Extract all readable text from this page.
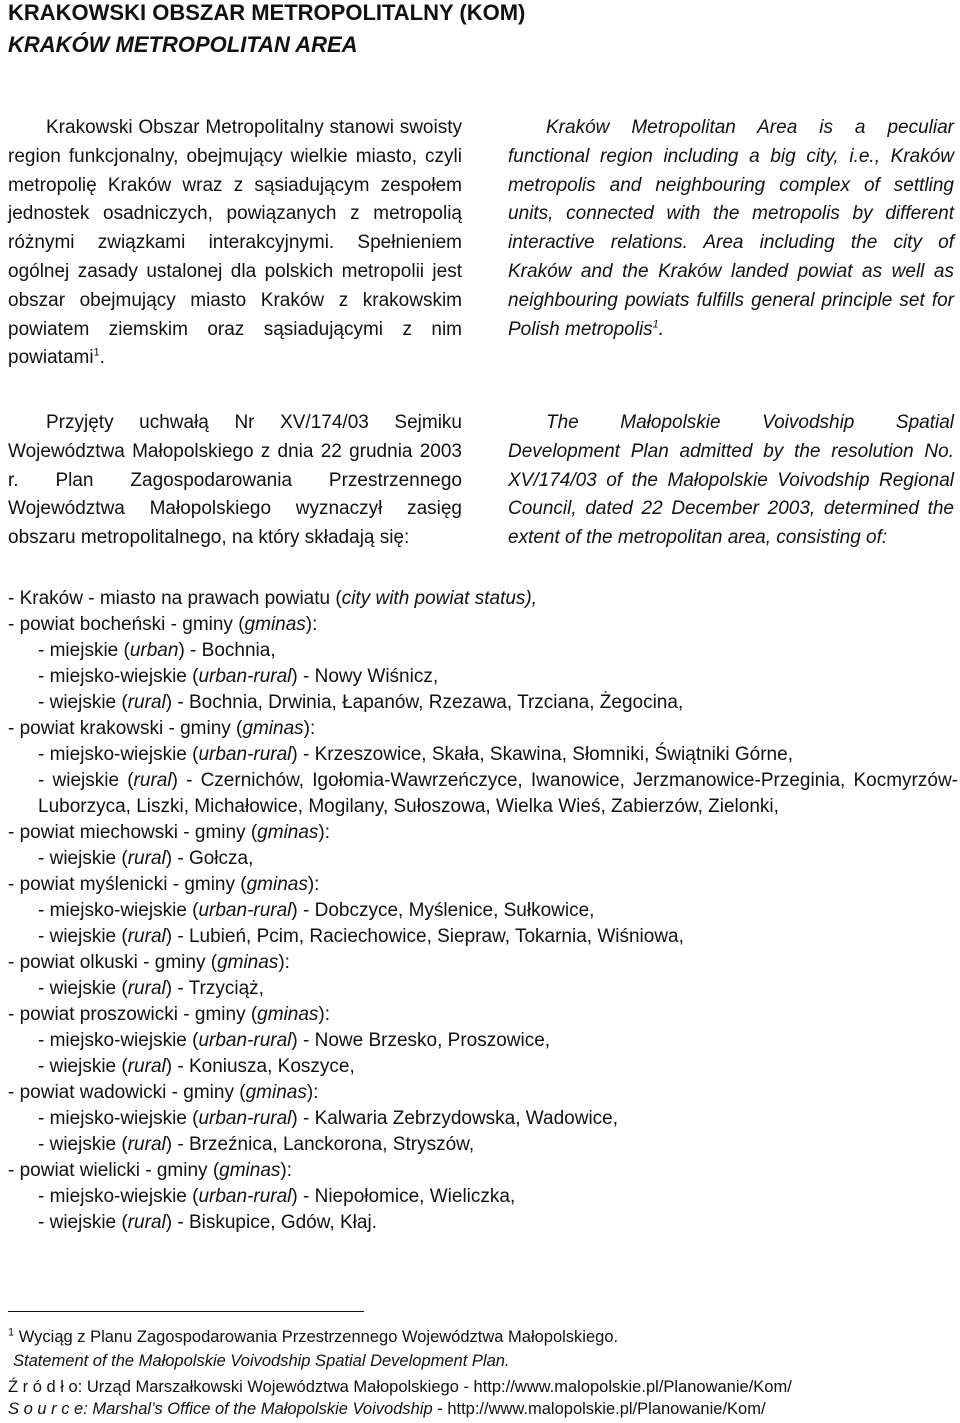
KRAKOWSKI OBSZAR METROPOLITALNY (KOM)
KRAKÓW METROPOLITAN AREA

Krakowski Obszar Metropolitalny stanowi swoisty region funkcjonalny, obejmujący wielkie miasto, czyli metropolię Kraków wraz z sąsiadującym zespołem jednostek osadniczych, powiązanych z metropolią różnymi związkami interakcyjnymi. Spełnieniem ogólnej zasady ustalonej dla polskich metropolii jest obszar obejmujący miasto Kraków z krakowskim powiatem ziemskim oraz sąsiadującymi z nim powiatami$^1$.

Kraków Metropolitan Area is a peculiar functional region including a big city, i.e., Kraków metropolis and neighbouring complex of settling units, connected with the metropolis by different interactive relations. Area including the city of Kraków and the Kraków landed powiat as well as neighbouring powiats fulfills general principle set for Polish metropolis$^1$.

Przyjęty uchwałą Nr XV/174/03 Sejmiku Województwa Małopolskiego z dnia 22 grudnia 2003 r. Plan Zagospodarowania Przestrzennego Województwa Małopolskiego wyznaczył zasięg obszaru metropolitalnego, na który składają się:

The Małopolskie Voivodship Spatial Development Plan admitted by the resolution No. XV/174/03 of the Małopolskie Voivodship Regional Council, dated 22 December 2003, determined the extent of the metropolitan area, consisting of:

- Kraków - miasto na prawach powiatu (city with powiat status),
- powiat bocheński - gminy (gminas):
- miejskie (urban) - Bochnia,
- miejsko-wiejskie (urban-rural) - Nowy Wiśnicz,
- wiejskie (rural) - Bochnia, Drwinia, Łapanów, Rzezawa, Trzciana, Żegocina,
- powiat krakowski - gminy (gminas):
- miejsko-wiejskie (urban-rural) - Krzeszowice, Skała, Skawina, Słomniki, Świątniki Górne,
- wiejskie (rural) - Czernichów, Igołomia-Wawrzeńczyce, Iwanowice, Jerzmanowice-Przeginia, Kocmyrzów-Luborzyca, Liszki, Michałowice, Mogilany, Sułoszowa, Wielka Wieś, Zabierzów, Zielonki,
- powiat miechowski - gminy (gminas):
- wiejskie (rural) - Gołcza,
- powiat myślenicki - gminy (gminas):
- miejsko-wiejskie (urban-rural) - Dobczyce, Myślenice, Sułkowice,
- wiejskie (rural) - Lubień, Pcim, Raciechowice, Siepraw, Tokarnia, Wiśniowa,
- powiat olkuski - gminy (gminas):
- wiejskie (rural) - Trzyciąż,
- powiat proszowicki - gminy (gminas):
- miejsko-wiejskie (urban-rural) - Nowe Brzesko, Proszowice,
- wiejskie (rural) - Koniusza, Koszyce,
- powiat wadowicki - gminy (gminas):
- miejsko-wiejskie (urban-rural) - Kalwaria Zebrzydowska, Wadowice,
- wiejskie (rural) - Brzeźnica, Lanckorona, Stryszów,
- powiat wielicki - gminy (gminas):
- miejsko-wiejskie (urban-rural) - Niepołomice, Wieliczka,
- wiejskie (rural) - Biskupice, Gdów, Kłaj.
$^1$ Wyciąg z Planu Zagospodarowania Przestrzennego Województwa Małopolskiego.
Statement of the Małopolskie Voivodship Spatial Development Plan.
Ź r ó d ł o: Urząd Marszałkowski Województwa Małopolskiego - http://www.malopolskie.pl/Planowanie/Kom/
S o u r c e: Marshal’s Office of the Małopolskie Voivodship - http://www.malopolskie.pl/Planowanie/Kom/
